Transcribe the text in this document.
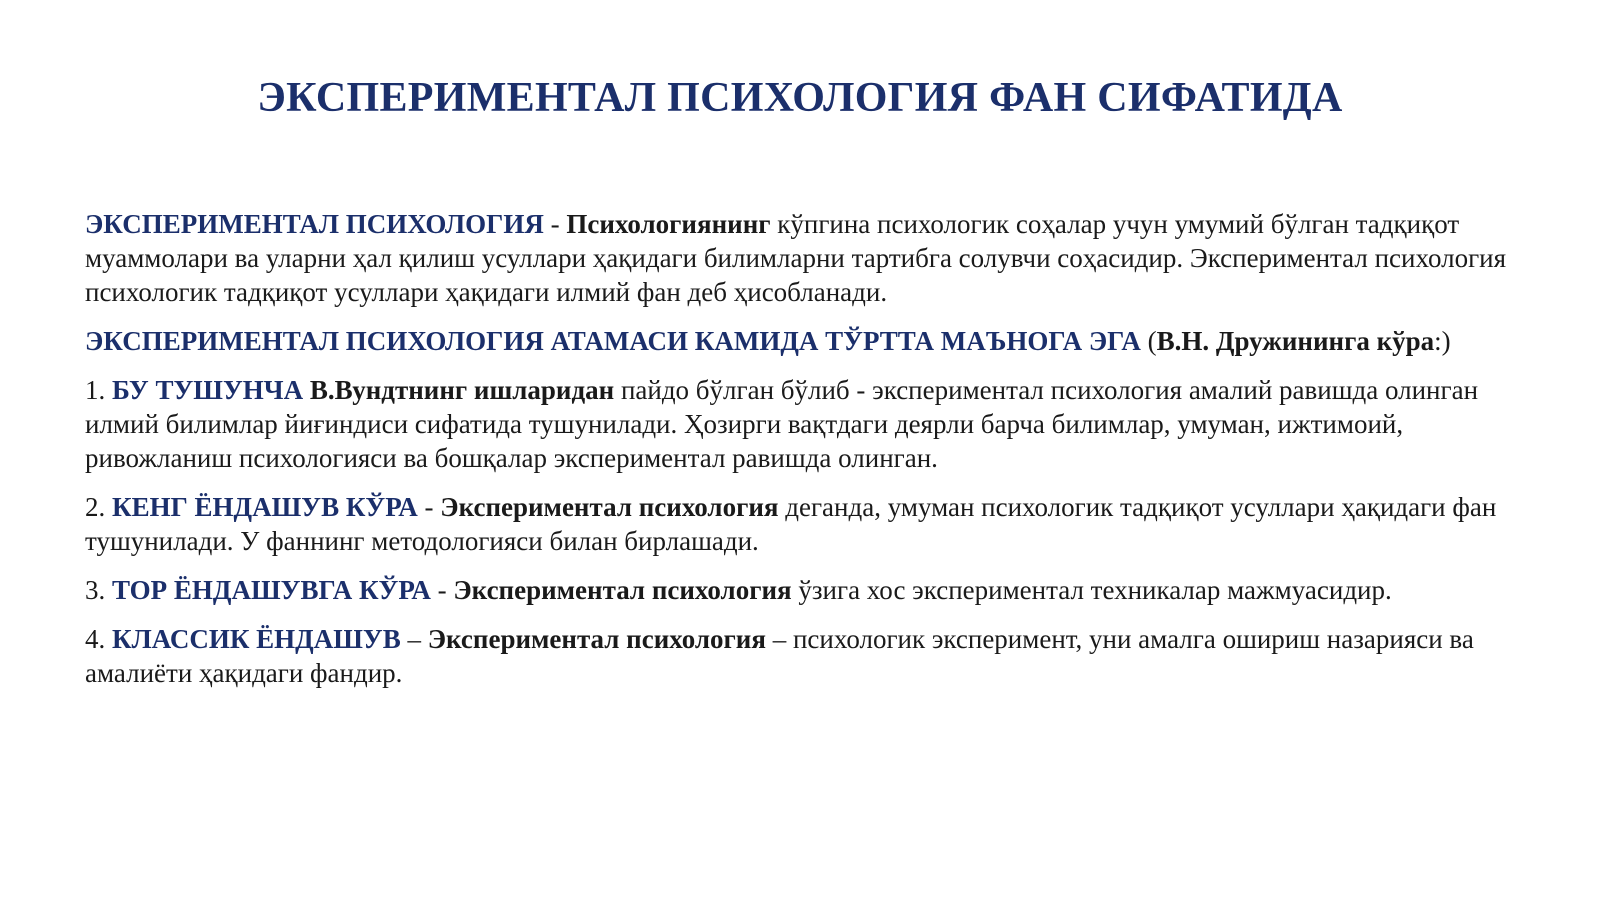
ЭКСПЕРИМЕНТАЛ ПСИХОЛОГИЯ ФАН СИФАТИДА

ЭКСПЕРИМЕНТАЛ ПСИХОЛОГИЯ - Психологиянинг кўпгина психологик соҳалар учун умумий бўлган тадқиқот муаммолари ва уларни ҳал қилиш усуллари ҳақидаги билимларни тартибга солувчи соҳасидир. Экспериментал психология психологик тадқиқот усуллари ҳақидаги илмий фан деб ҳисобланади.

ЭКСПЕРИМЕНТАЛ ПСИХОЛОГИЯ АТАМАСИ КАМИДА ТЎРТТА МАЪНОГА ЭГА (В.Н. Дружининга кўра:)

1. БУ ТУШУНЧА В.Вундтнинг ишларидан пайдо бўлган бўлиб - экспериментал психология амалий равишда олинган илмий билимлар йиғиндиси сифатида тушунилади. Ҳозирги вақтдаги деярли барча билимлар, умуман, ижтимоий, ривожланиш психологияси ва бошқалар экспериментал равишда олинган.

2. КЕНГ ЁНДАШУВ КЎРА - Экспериментал психология деганда, умуман психологик тадқиқот усуллари ҳақидаги фан тушунилади. У фаннинг методологияси билан бирлашади.

3. ТОР ЁНДАШУВГА КЎРА - Экспериментал психология ўзига хос экспериментал техникалар мажмуасидир.

4. КЛАССИК ЁНДАШУВ – Экспериментал психология – психологик эксперимент, уни амалга ошириш назарияси ва амалиёти ҳақидаги фандир.
